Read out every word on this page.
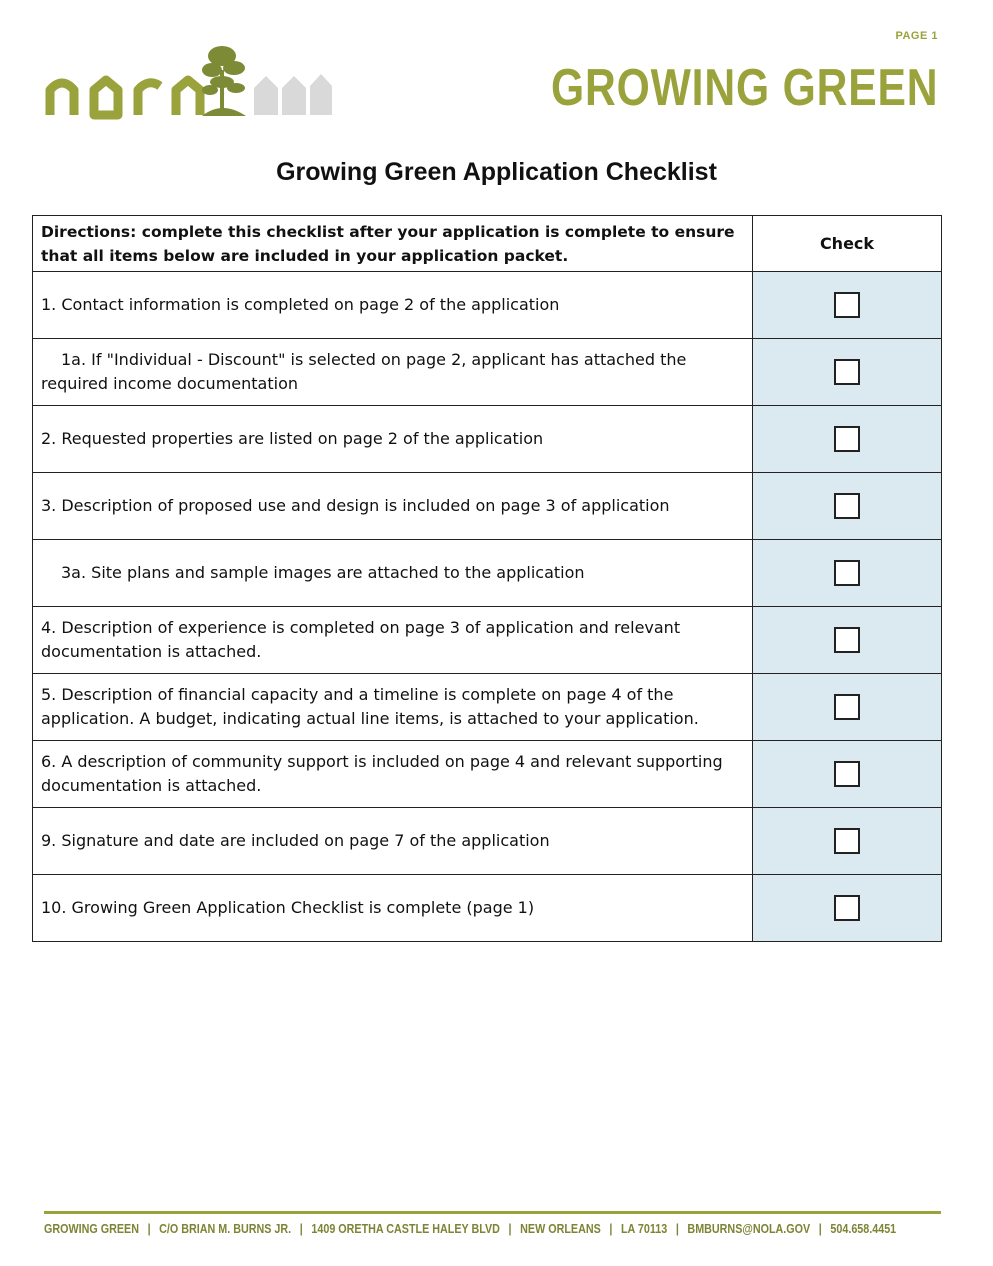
PAGE 1
GROWING GREEN
Growing Green Application Checklist
Directions: complete this checklist after your application is complete to ensure that all items below are included in your application packet.	Check
1. Contact information is completed on page 2 of the application	
1a. If "Individual - Discount" is selected on page 2, applicant has attached the required income documentation	
2. Requested properties are listed on page 2 of the application	
3. Description of proposed use and design is included on page 3 of application	
3a. Site plans and sample images are attached to the application	
4. Description of experience is completed on page 3 of application and relevant documentation is attached.	
5. Description of financial capacity and a timeline is complete on page 4 of the application. A budget, indicating actual line items, is attached to your application.	
6. A description of community support is included on page 4 and relevant supporting documentation is attached.	
9. Signature and date are included on page 7 of the application	
10. Growing Green Application Checklist is complete (page 1)	
GROWING GREEN | C/O BRIAN M. BURNS JR. | 1409 ORETHA CASTLE HALEY BLVD | NEW ORLEANS | LA 70113 | BMBURNS@NOLA.GOV | 504.658.4451
